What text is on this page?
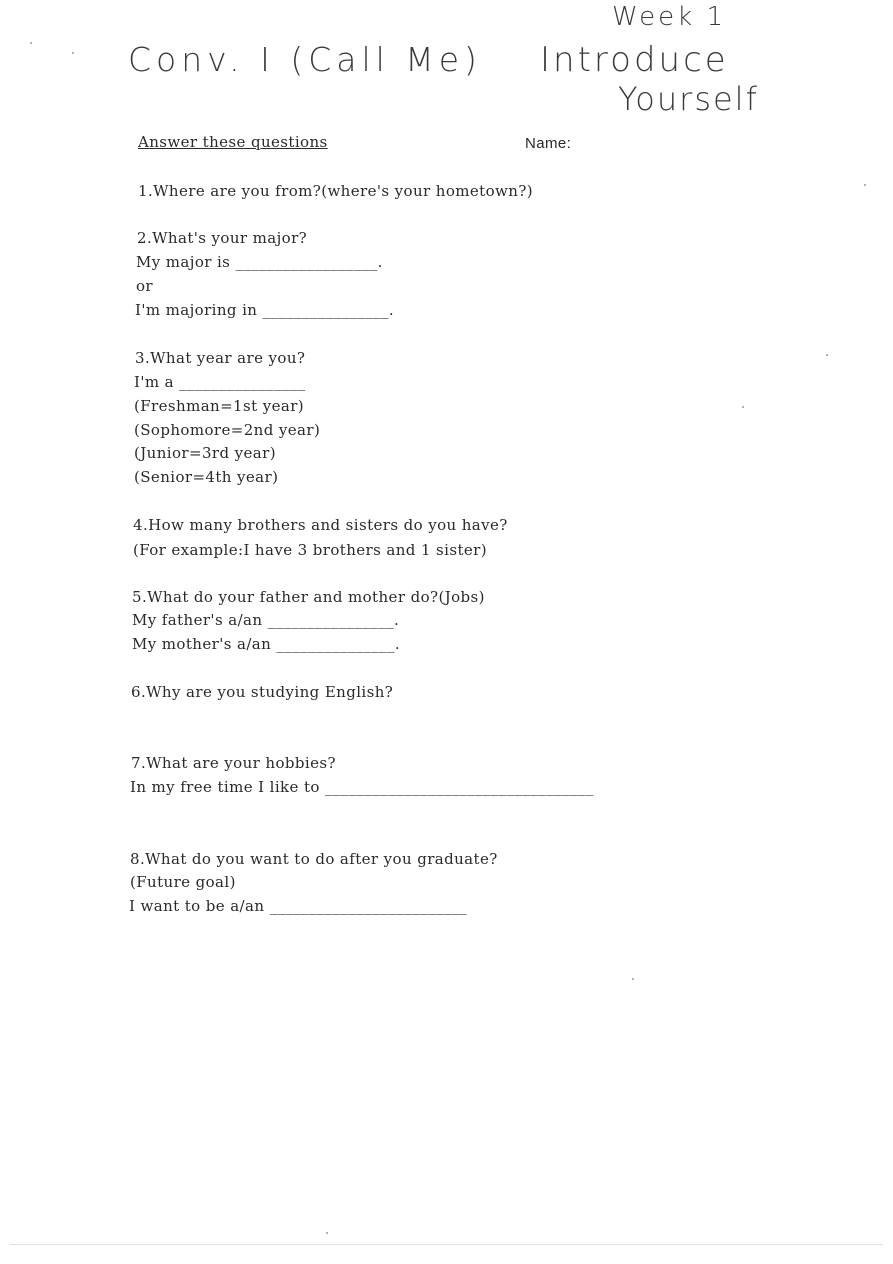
Week 1
Conv. I (Call Me) Introduce
Yourself
Answer these questions	Name:
1.Where are you from?(where's your hometown?)
2.What's your major?
My major is __________________.
or
I'm majoring in ________________.
3.What year are you?
I'm a ________________
(Freshman=1st year)
(Sophomore=2nd year)
(Junior=3rd year)
(Senior=4th year)
4.How many brothers and sisters do you have?
(For example:I have 3 brothers and 1 sister)
5.What do your father and mother do?(Jobs)
My father's a/an ________________.
My mother's a/an _______________.
6.Why are you studying English?
7.What are your hobbies?
In my free time I like to __________________________________
8.What do you want to do after you graduate?
(Future goal)
I want to be a/an _________________________
